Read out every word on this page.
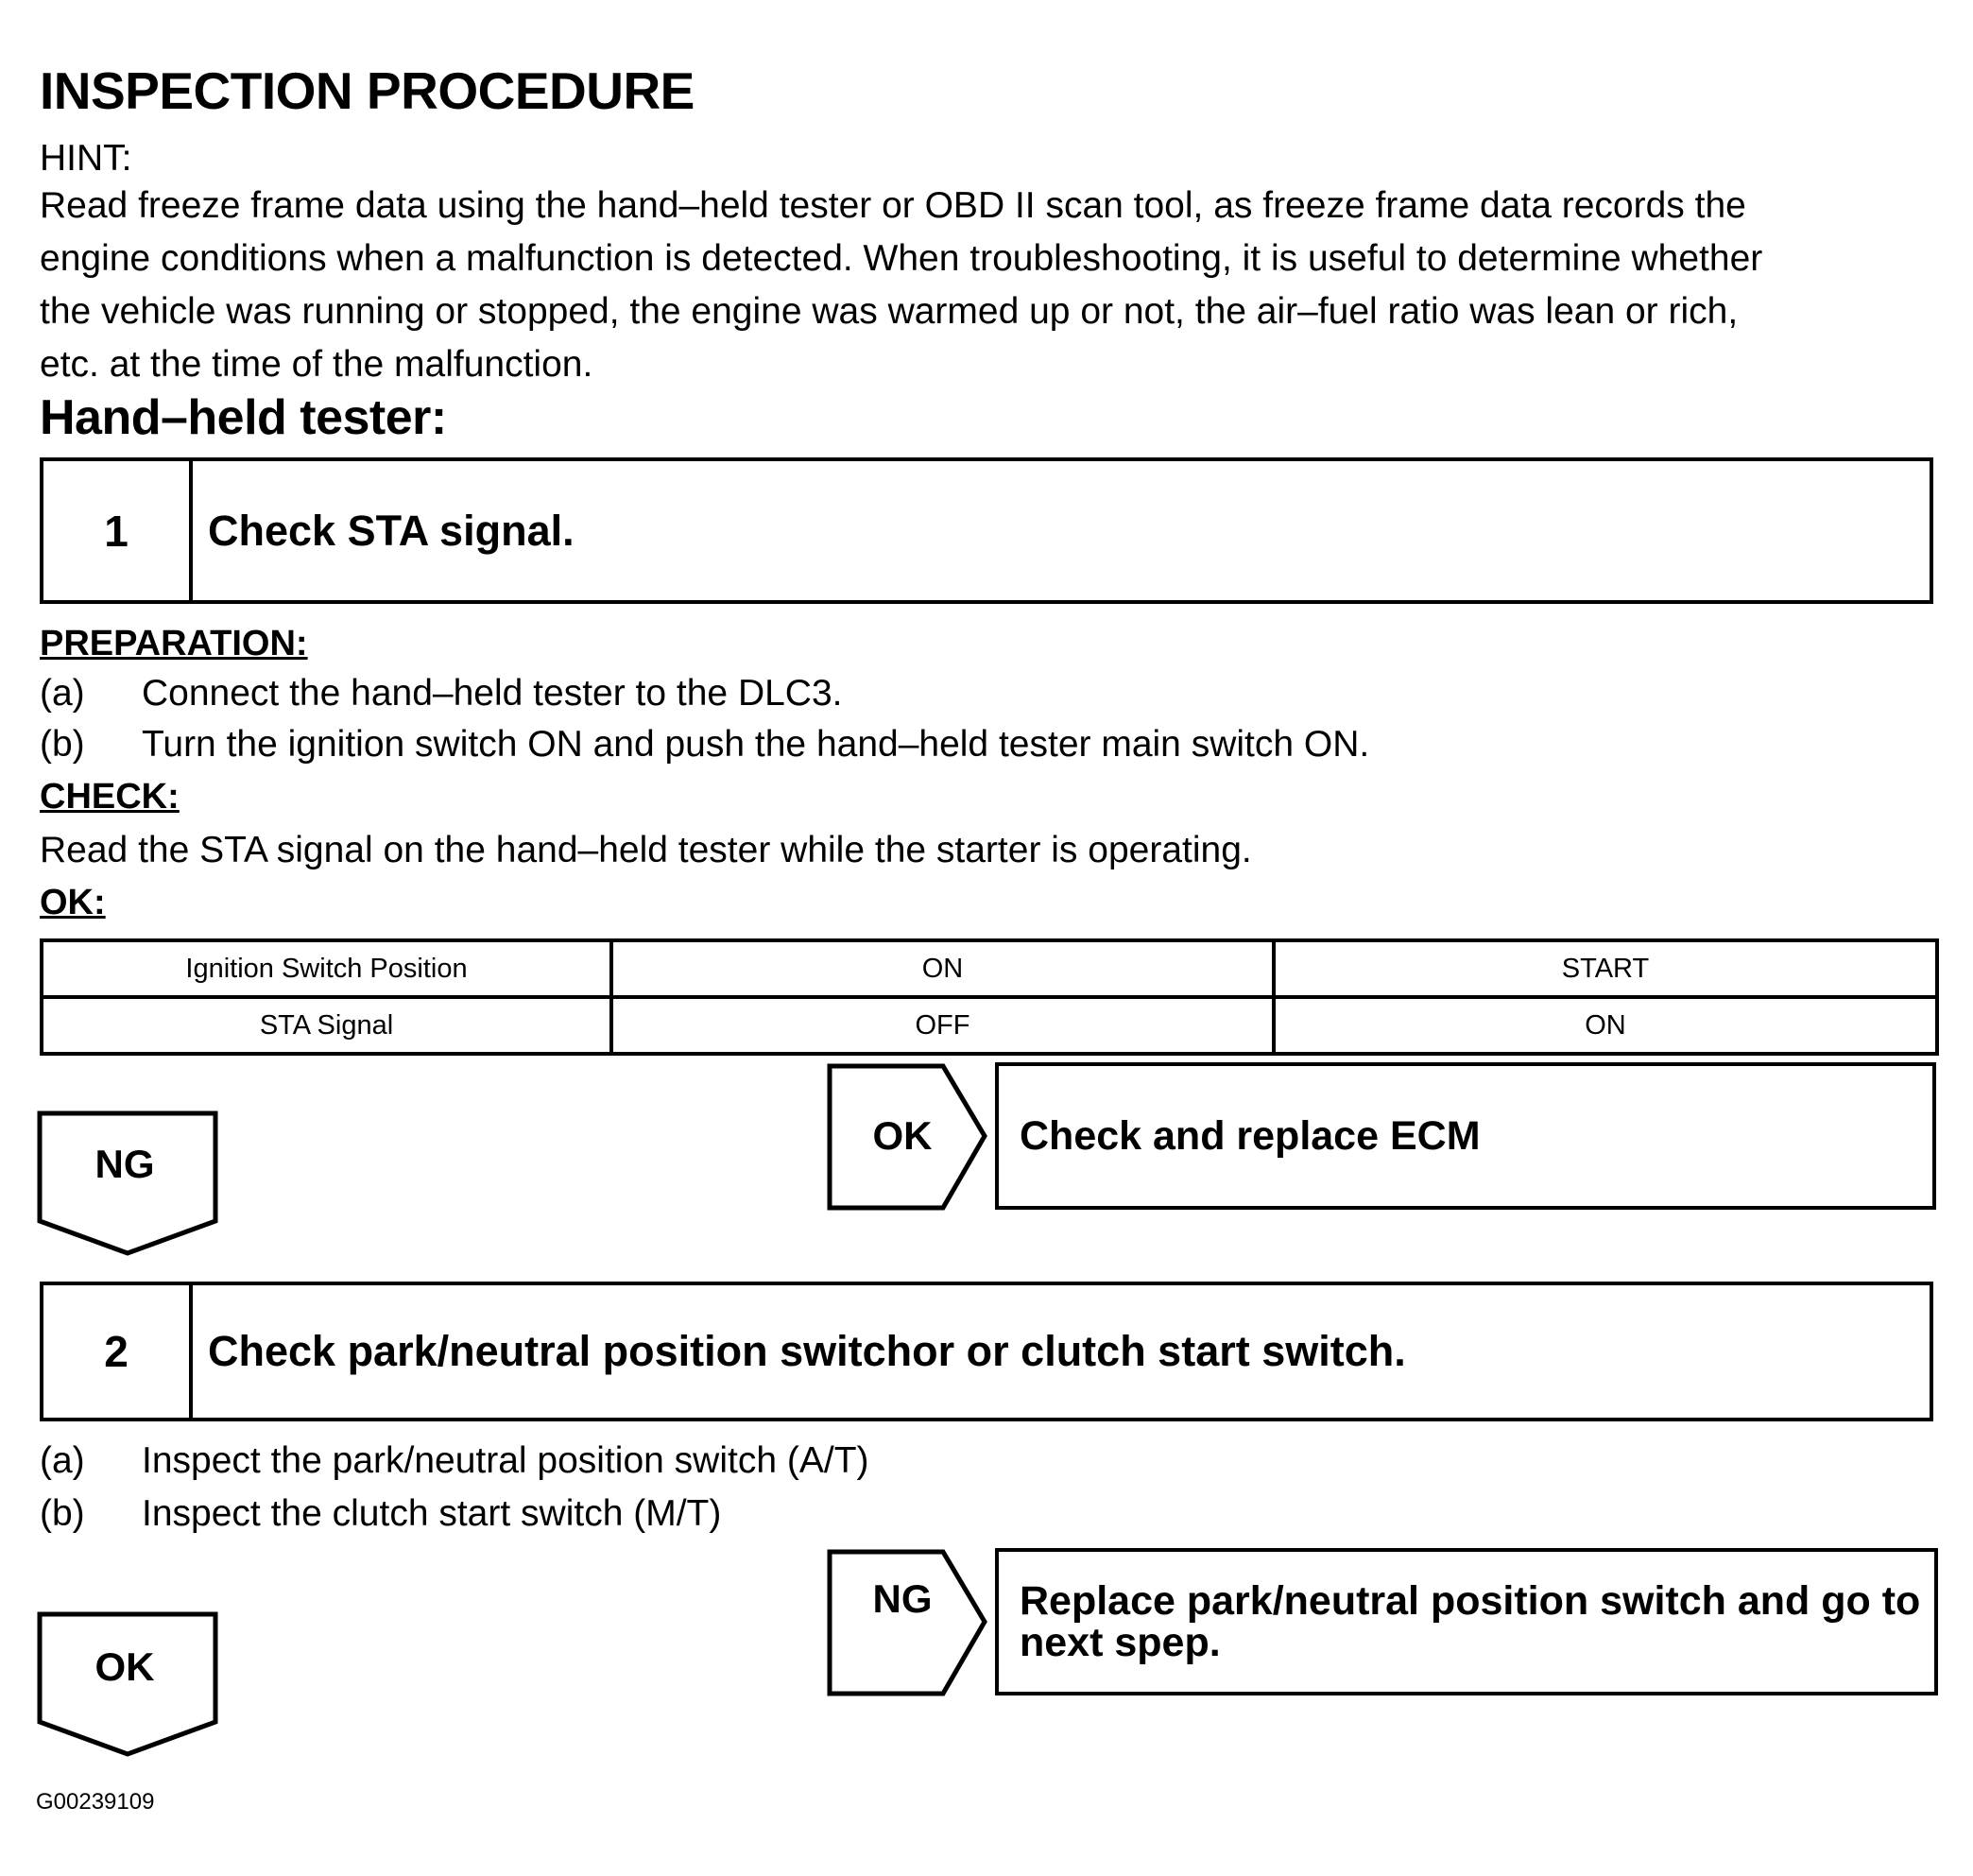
INSPECTION PROCEDURE
HINT:
Read freeze frame data using the hand–held tester or OBD II scan tool, as freeze frame data records the
engine conditions when a malfunction is detected. When troubleshooting, it is useful to determine whether
the vehicle was running or stopped, the engine was warmed up or not, the air–fuel ratio was lean or rich,
etc. at the time of the malfunction.
Hand–held tester:
1	Check STA signal.
PREPARATION:
(a) Connect the hand–held tester to the DLC3.
(b) Turn the ignition switch ON and push the hand–held tester main switch ON.
CHECK:
Read the STA signal on the hand–held tester while the starter is operating.
OK:
Ignition Switch Position	ON	START
STA Signal	OFF	ON
NG
OK	Check and replace ECM
2	Check park/neutral position switchor or clutch start switch.
(a) Inspect the park/neutral position switch (A/T)
(b) Inspect the clutch start switch (M/T)
NG	Replace park/neutral position switch and go to
next spep.
OK
G00239109
